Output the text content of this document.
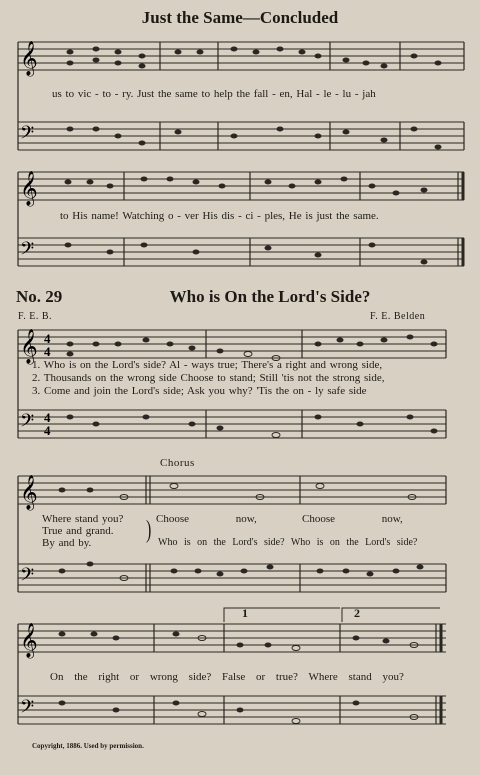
Just the Same—Concluded
𝄞
𝄢
us to vic - to - ry. Just the same to help the fall - en, Hal - le - lu - jah
𝄞
𝄢
to His name! Watching o - ver His dis - ci - ples, He is just the same.
No. 29	Who is On the Lord's Side?
F. E. B.	F. E. Belden
𝄞 4
4
𝄢 4
4
1. Who is on the Lord's side? Al - ways true; There's a right and wrong side,
2. Thousands on the wrong side Choose to stand; Still 'tis not the strong side,
3. Come and join the Lord's side; Ask you why? 'Tis the on - ly safe side
Chorus
𝄞
𝄢
Where stand you?
True and grand.
By and by.	) Choose now,	Choose now,
Who is on the Lord's side? Who is on the Lord's side?
1	2
𝄞
𝄢
On the right or wrong side? False or true? Where stand you?
Copyright, 1886. Used by permission.
